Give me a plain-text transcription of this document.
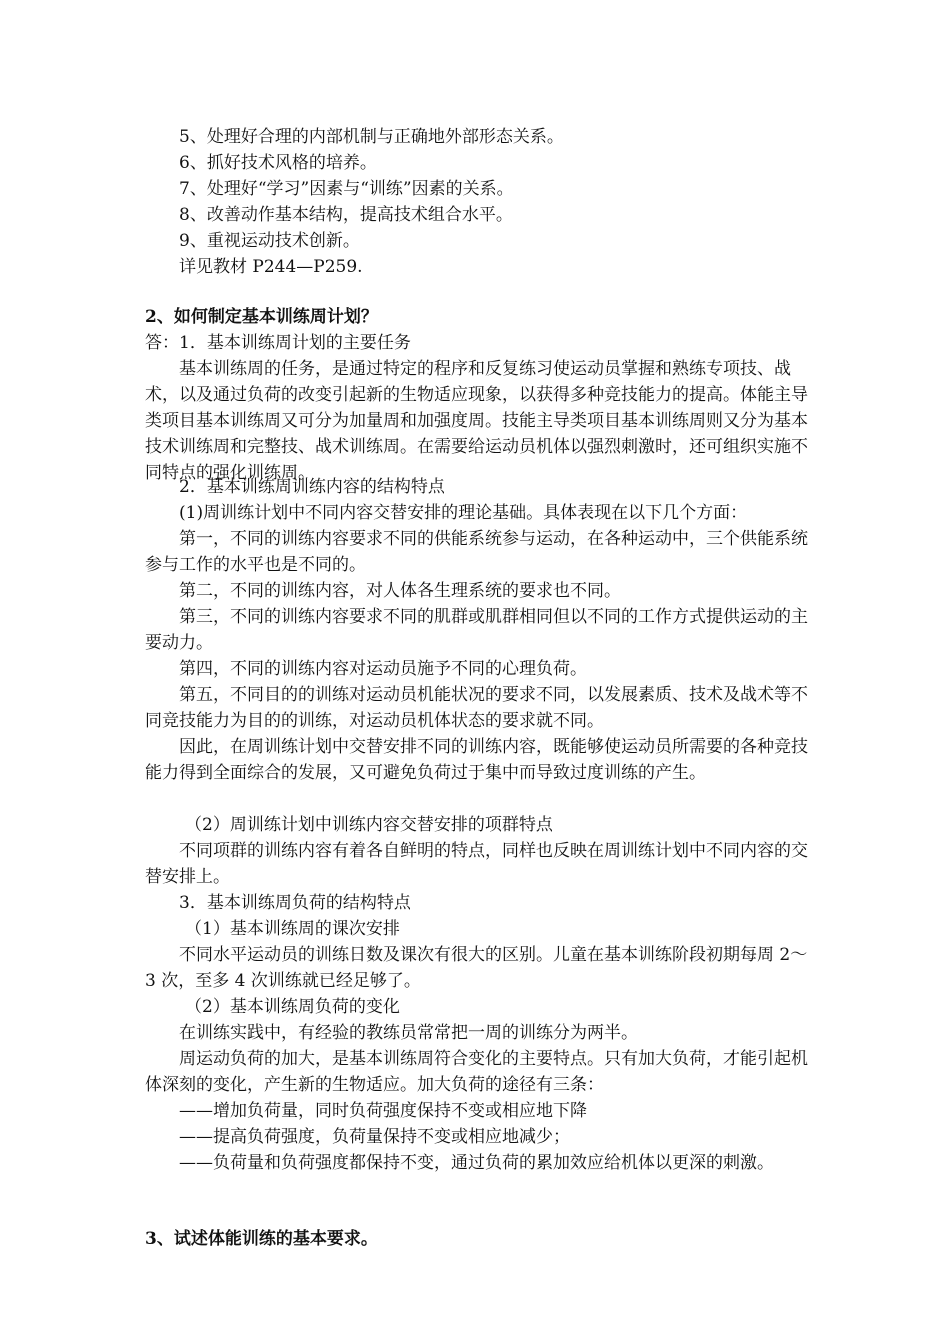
5、处理好合理的内部机制与正确地外部形态关系。

6、抓好技术风格的培养。

7、处理好“学习”因素与“训练”因素的关系。

8、改善动作基本结构，提高技术组合水平。

9、重视运动技术创新。

详见教材 P244—P259.

2、如何制定基本训练周计划？

答：1．基本训练周计划的主要任务

基本训练周的任务，是通过特定的程序和反复练习使运动员掌握和熟练专项技、战术，以及通过负荷的改变引起新的生物适应现象，以获得多种竞技能力的提高。体能主导类项目基本训练周又可分为加量周和加强度周。技能主导类项目基本训练周则又分为基本技术训练周和完整技、战术训练周。在需要给运动员机体以强烈刺激时，还可组织实施不同特点的强化训练周。

2．基本训练周训练内容的结构特点

(1)周训练计划中不同内容交替安排的理论基础。具体表现在以下几个方面：

第一，不同的训练内容要求不同的供能系统参与运动，在各种运动中，三个供能系统参与工作的水平也是不同的。

第二，不同的训练内容，对人体各生理系统的要求也不同。

第三，不同的训练内容要求不同的肌群或肌群相同但以不同的工作方式提供运动的主要动力。

第四，不同的训练内容对运动员施予不同的心理负荷。

第五，不同目的的训练对运动员机能状况的要求不同，以发展素质、技术及战术等不同竞技能力为目的的训练，对运动员机体状态的要求就不同。

因此，在周训练计划中交替安排不同的训练内容，既能够使运动员所需要的各种竞技能力得到全面综合的发展，又可避免负荷过于集中而导致过度训练的产生。

（2）周训练计划中训练内容交替安排的项群特点

不同项群的训练内容有着各自鲜明的特点，同样也反映在周训练计划中不同内容的交替安排上。

3．基本训练周负荷的结构特点

（1）基本训练周的课次安排

不同水平运动员的训练日数及课次有很大的区别。儿童在基本训练阶段初期每周 2～3 次，至多 4 次训练就已经足够了。

（2）基本训练周负荷的变化

在训练实践中，有经验的教练员常常把一周的训练分为两半。

周运动负荷的加大，是基本训练周符合变化的主要特点。只有加大负荷，才能引起机体深刻的变化，产生新的生物适应。加大负荷的途径有三条：

——增加负荷量，同时负荷强度保持不变或相应地下降

——提高负荷强度，负荷量保持不变或相应地减少；

——负荷量和负荷强度都保持不变，通过负荷的累加效应给机体以更深的刺激。

3、试述体能训练的基本要求。
